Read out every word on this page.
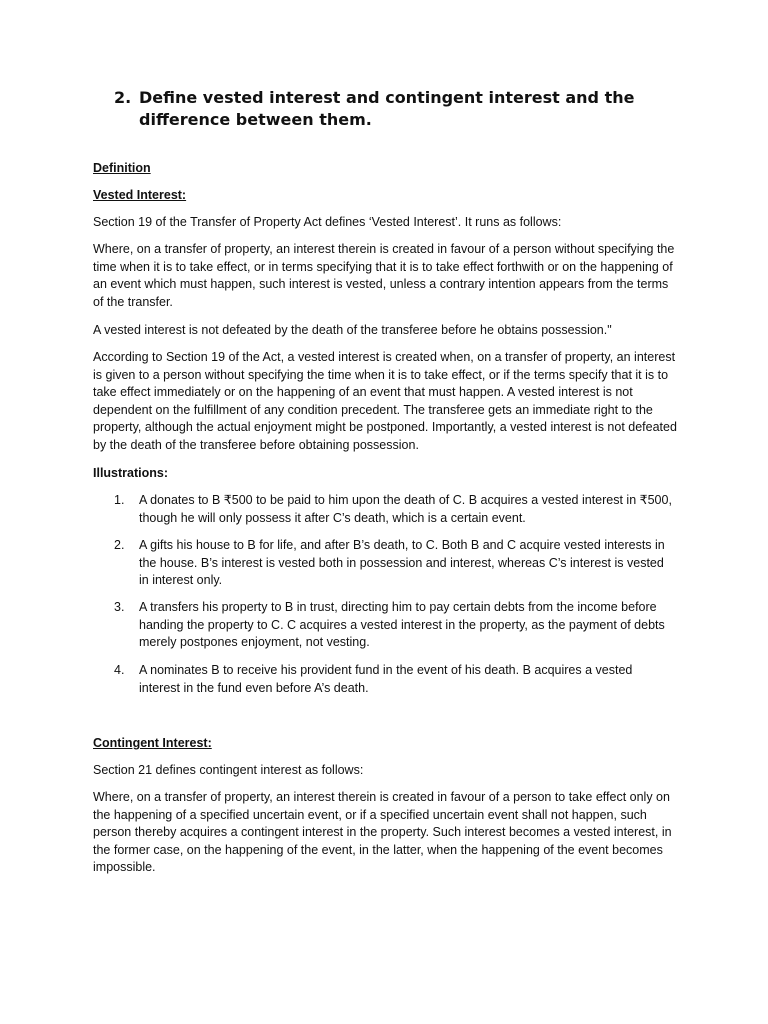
2. Define vested interest and contingent interest and the difference between them.
Definition
Vested Interest:

Section 19 of the Transfer of Property Act defines ‘Vested Interest’. It runs as follows:

Where, on a transfer of property, an interest therein is created in favour of a person without specifying the time when it is to take effect, or in terms specifying that it is to take effect forthwith or on the happening of an event which must happen, such interest is vested, unless a contrary intention appears from the terms of the transfer.

A vested interest is not defeated by the death of the transferee before he obtains possession."

According to Section 19 of the Act, a vested interest is created when, on a transfer of property, an interest is given to a person without specifying the time when it is to take effect, or if the terms specify that it is to take effect immediately or on the happening of an event that must happen. A vested interest is not dependent on the fulfillment of any condition precedent. The transferee gets an immediate right to the property, although the actual enjoyment might be postponed. Importantly, a vested interest is not defeated by the death of the transferee before obtaining possession.

Illustrations:
1. A donates to B ₹500 to be paid to him upon the death of C. B acquires a vested interest in ₹500, though he will only possess it after C’s death, which is a certain event.
2. A gifts his house to B for life, and after B’s death, to C. Both B and C acquire vested interests in the house. B’s interest is vested both in possession and interest, whereas C’s interest is vested in interest only.
3. A transfers his property to B in trust, directing him to pay certain debts from the income before handing the property to C. C acquires a vested interest in the property, as the payment of debts merely postpones enjoyment, not vesting.
4. A nominates B to receive his provident fund in the event of his death. B acquires a vested interest in the fund even before A’s death.
Contingent Interest:

Section 21 defines contingent interest as follows:

Where, on a transfer of property, an interest therein is created in favour of a person to take effect only on the happening of a specified uncertain event, or if a specified uncertain event shall not happen, such person thereby acquires a contingent interest in the property. Such interest becomes a vested interest, in the former case, on the happening of the event, in the latter, when the happening of the event becomes impossible.
